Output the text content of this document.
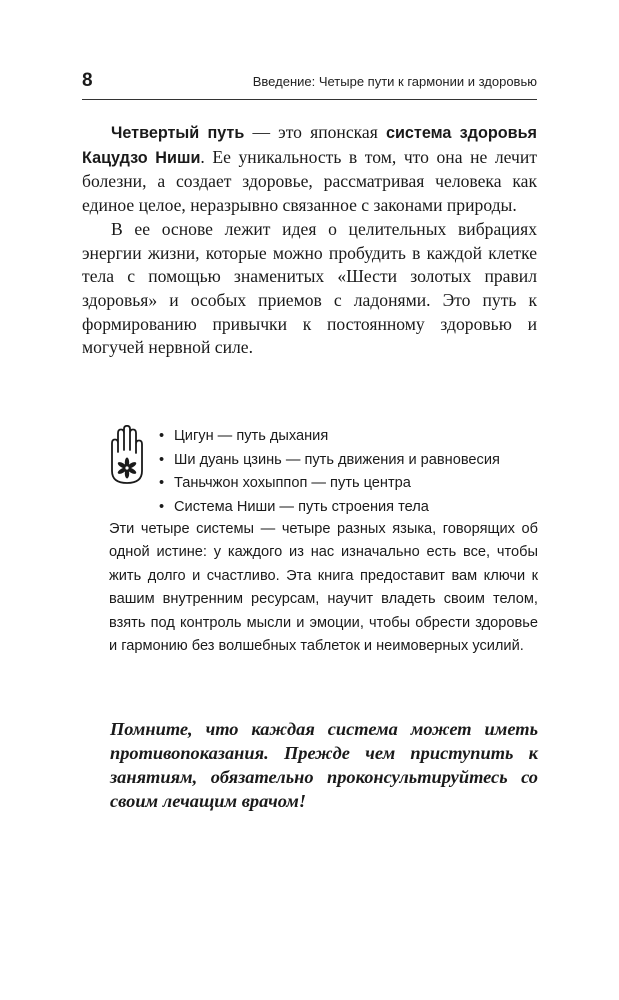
8	Введение: Четыре пути к гармонии и здоровью

Четвертый путь — это японская система здоровья Кацудзо Ниши. Ее уникальность в том, что она не лечит болезни, а создает здоровье, рассматривая человека как единое целое, неразрывно связанное с законами природы.

В ее основе лежит идея о целительных вибрациях энергии жизни, которые можно пробудить в каждой клетке тела с помощью знаменитых «Шести золотых правил здоровья» и особых приемов с ладонями. Это путь к формированию привычки к постоянному здоровью и могучей нервной силе.

• Цигун — путь дыхания
• Ши дуань цзинь — путь движения и равновесия
• Таньчжон хохыппоп — путь центра
• Система Ниши — путь строения тела

Эти четыре системы — четыре разных языка, говорящих об одной истине: у каждого из нас изначально есть все, чтобы жить долго и счастливо. Эта книга предоставит вам ключи к вашим внутренним ресурсам, научит владеть своим телом, взять под контроль мысли и эмоции, чтобы обрести здоровье и гармонию без волшебных таблеток и неимоверных усилий.

Помните, что каждая система может иметь противопоказания. Прежде чем приступить к занятиям, обязательно проконсультируйтесь со своим лечащим врачом!
